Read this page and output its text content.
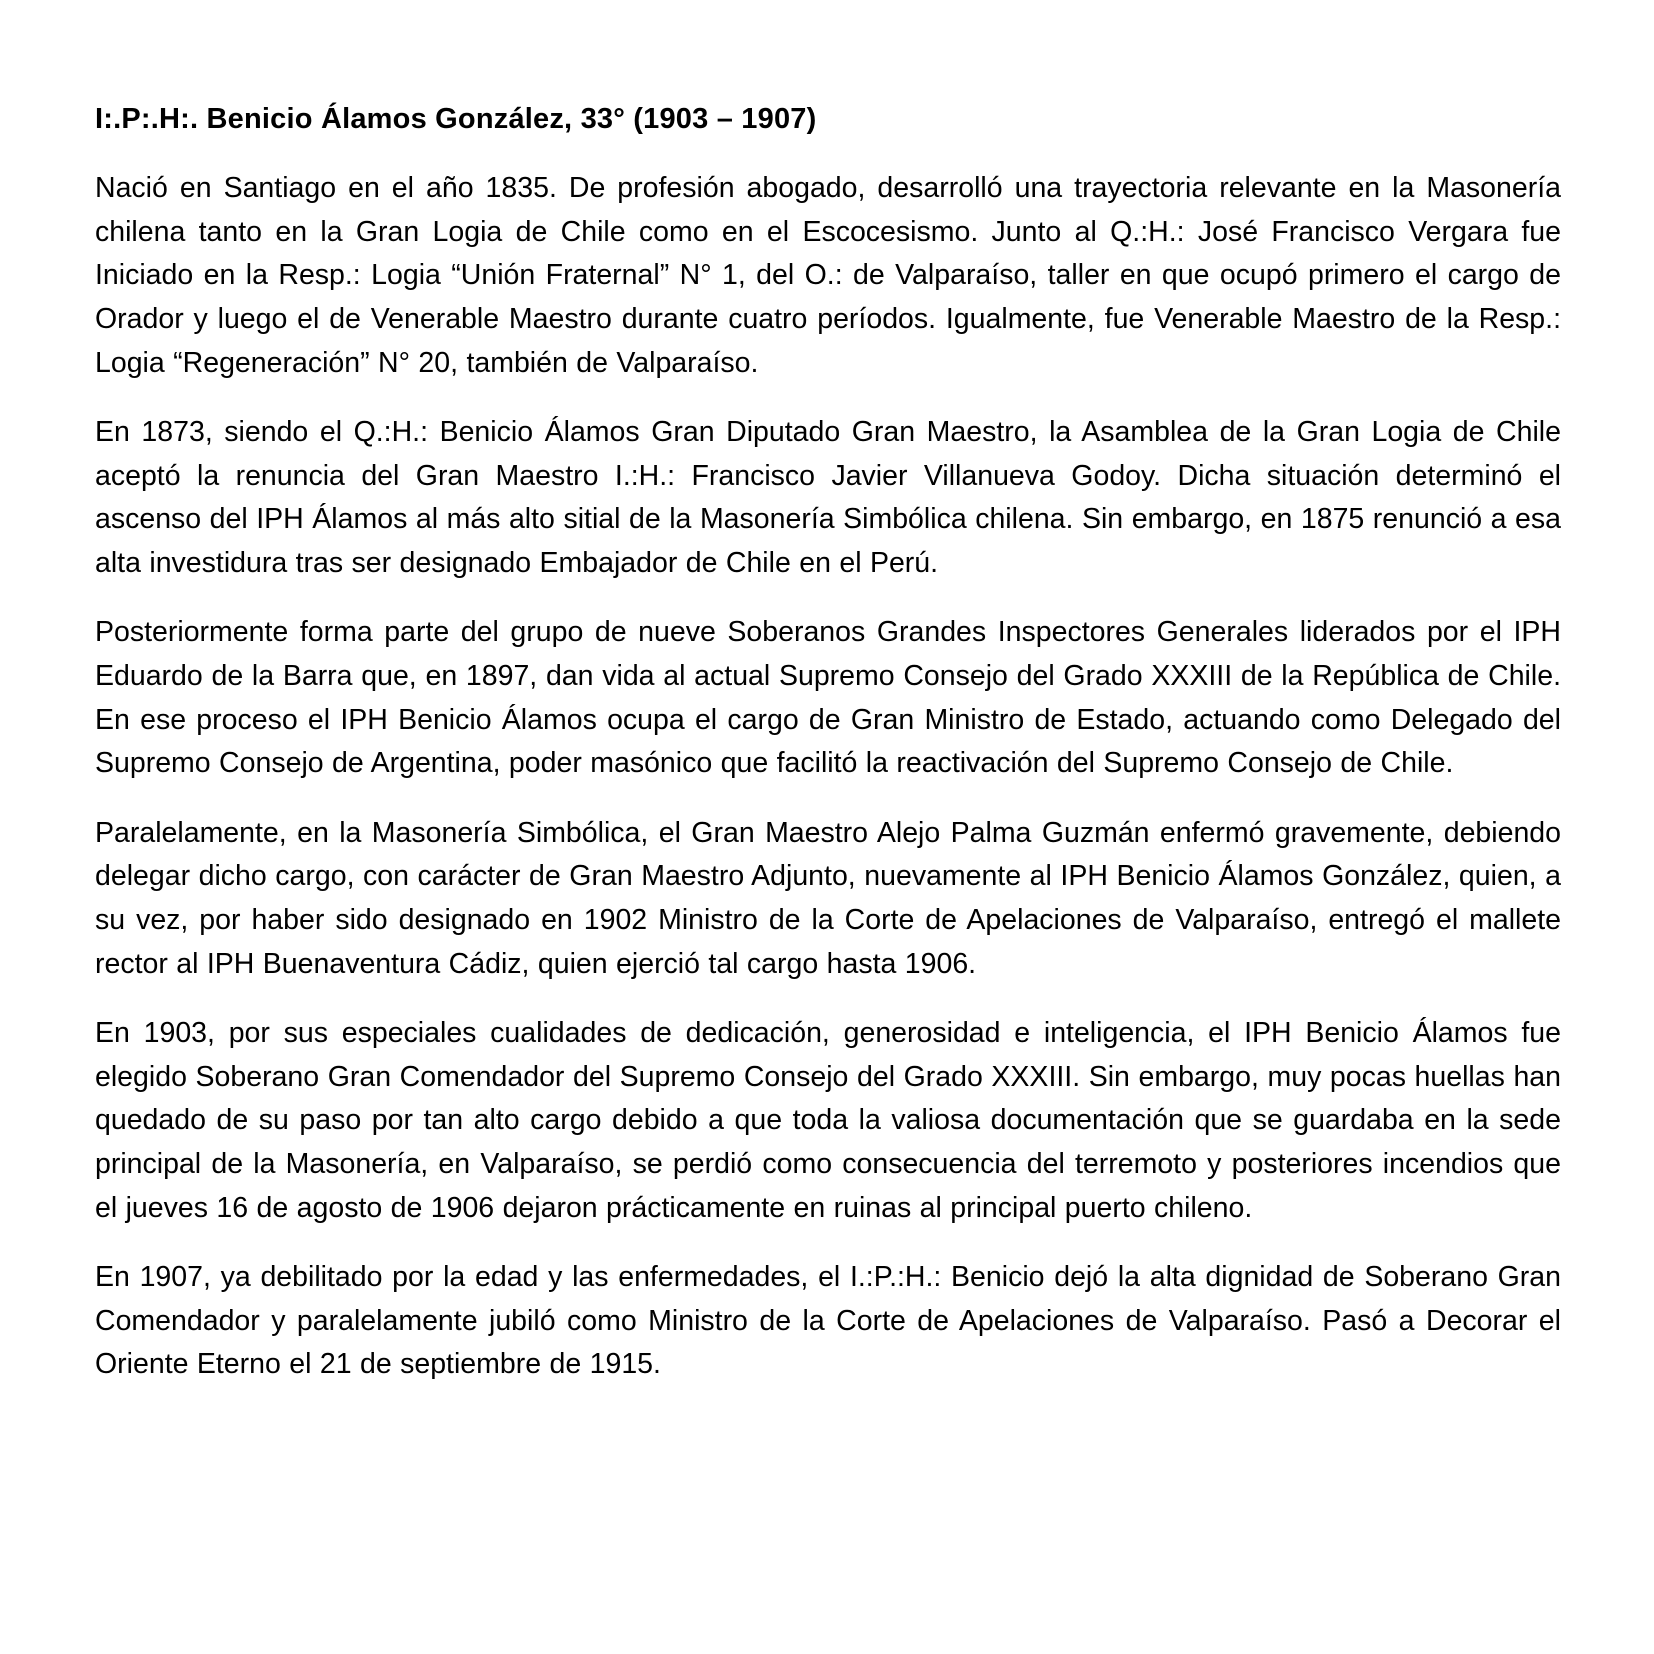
I:.P:.H:. Benicio Álamos González, 33° (1903 – 1907)

Nació en Santiago en el año 1835. De profesión abogado, desarrolló una trayectoria relevante en la Masonería chilena tanto en la Gran Logia de Chile como en el Escocesismo. Junto al Q.:H.: José Francisco Vergara fue Iniciado en la Resp.: Logia “Unión Fraternal” N° 1, del O.: de Valparaíso, taller en que ocupó primero el cargo de Orador y luego el de Venerable Maestro durante cuatro períodos. Igualmente, fue Venerable Maestro de la Resp.: Logia “Regeneración” N° 20, también de Valparaíso.

En 1873, siendo el Q.:H.: Benicio Álamos Gran Diputado Gran Maestro, la Asamblea de la Gran Logia de Chile aceptó la renuncia del Gran Maestro I.:H.: Francisco Javier Villanueva Godoy. Dicha situación determinó el ascenso del IPH Álamos al más alto sitial de la Masonería Simbólica chilena. Sin embargo, en 1875 renunció a esa alta investidura tras ser designado Embajador de Chile en el Perú.

Posteriormente forma parte del grupo de nueve Soberanos Grandes Inspectores Generales liderados por el IPH Eduardo de la Barra que, en 1897, dan vida al actual Supremo Consejo del Grado XXXIII de la República de Chile. En ese proceso el IPH Benicio Álamos ocupa el cargo de Gran Ministro de Estado, actuando como Delegado del Supremo Consejo de Argentina, poder masónico que facilitó la reactivación del Supremo Consejo de Chile.

Paralelamente, en la Masonería Simbólica, el Gran Maestro Alejo Palma Guzmán enfermó gravemente, debiendo delegar dicho cargo, con carácter de Gran Maestro Adjunto, nuevamente al IPH Benicio Álamos González, quien, a su vez, por haber sido designado en 1902 Ministro de la Corte de Apelaciones de Valparaíso, entregó el mallete rector al IPH Buenaventura Cádiz, quien ejerció tal cargo hasta 1906.

En 1903, por sus especiales cualidades de dedicación, generosidad e inteligencia, el IPH Benicio Álamos fue elegido Soberano Gran Comendador del Supremo Consejo del Grado XXXIII. Sin embargo, muy pocas huellas han quedado de su paso por tan alto cargo debido a que toda la valiosa documentación que se guardaba en la sede principal de la Masonería, en Valparaíso, se perdió como consecuencia del terremoto y posteriores incendios que el jueves 16 de agosto de 1906 dejaron prácticamente en ruinas al principal puerto chileno.

En 1907, ya debilitado por la edad y las enfermedades, el I.:P.:H.: Benicio dejó la alta dignidad de Soberano Gran Comendador y paralelamente jubiló como Ministro de la Corte de Apelaciones de Valparaíso. Pasó a Decorar el Oriente Eterno el 21 de septiembre de 1915.
